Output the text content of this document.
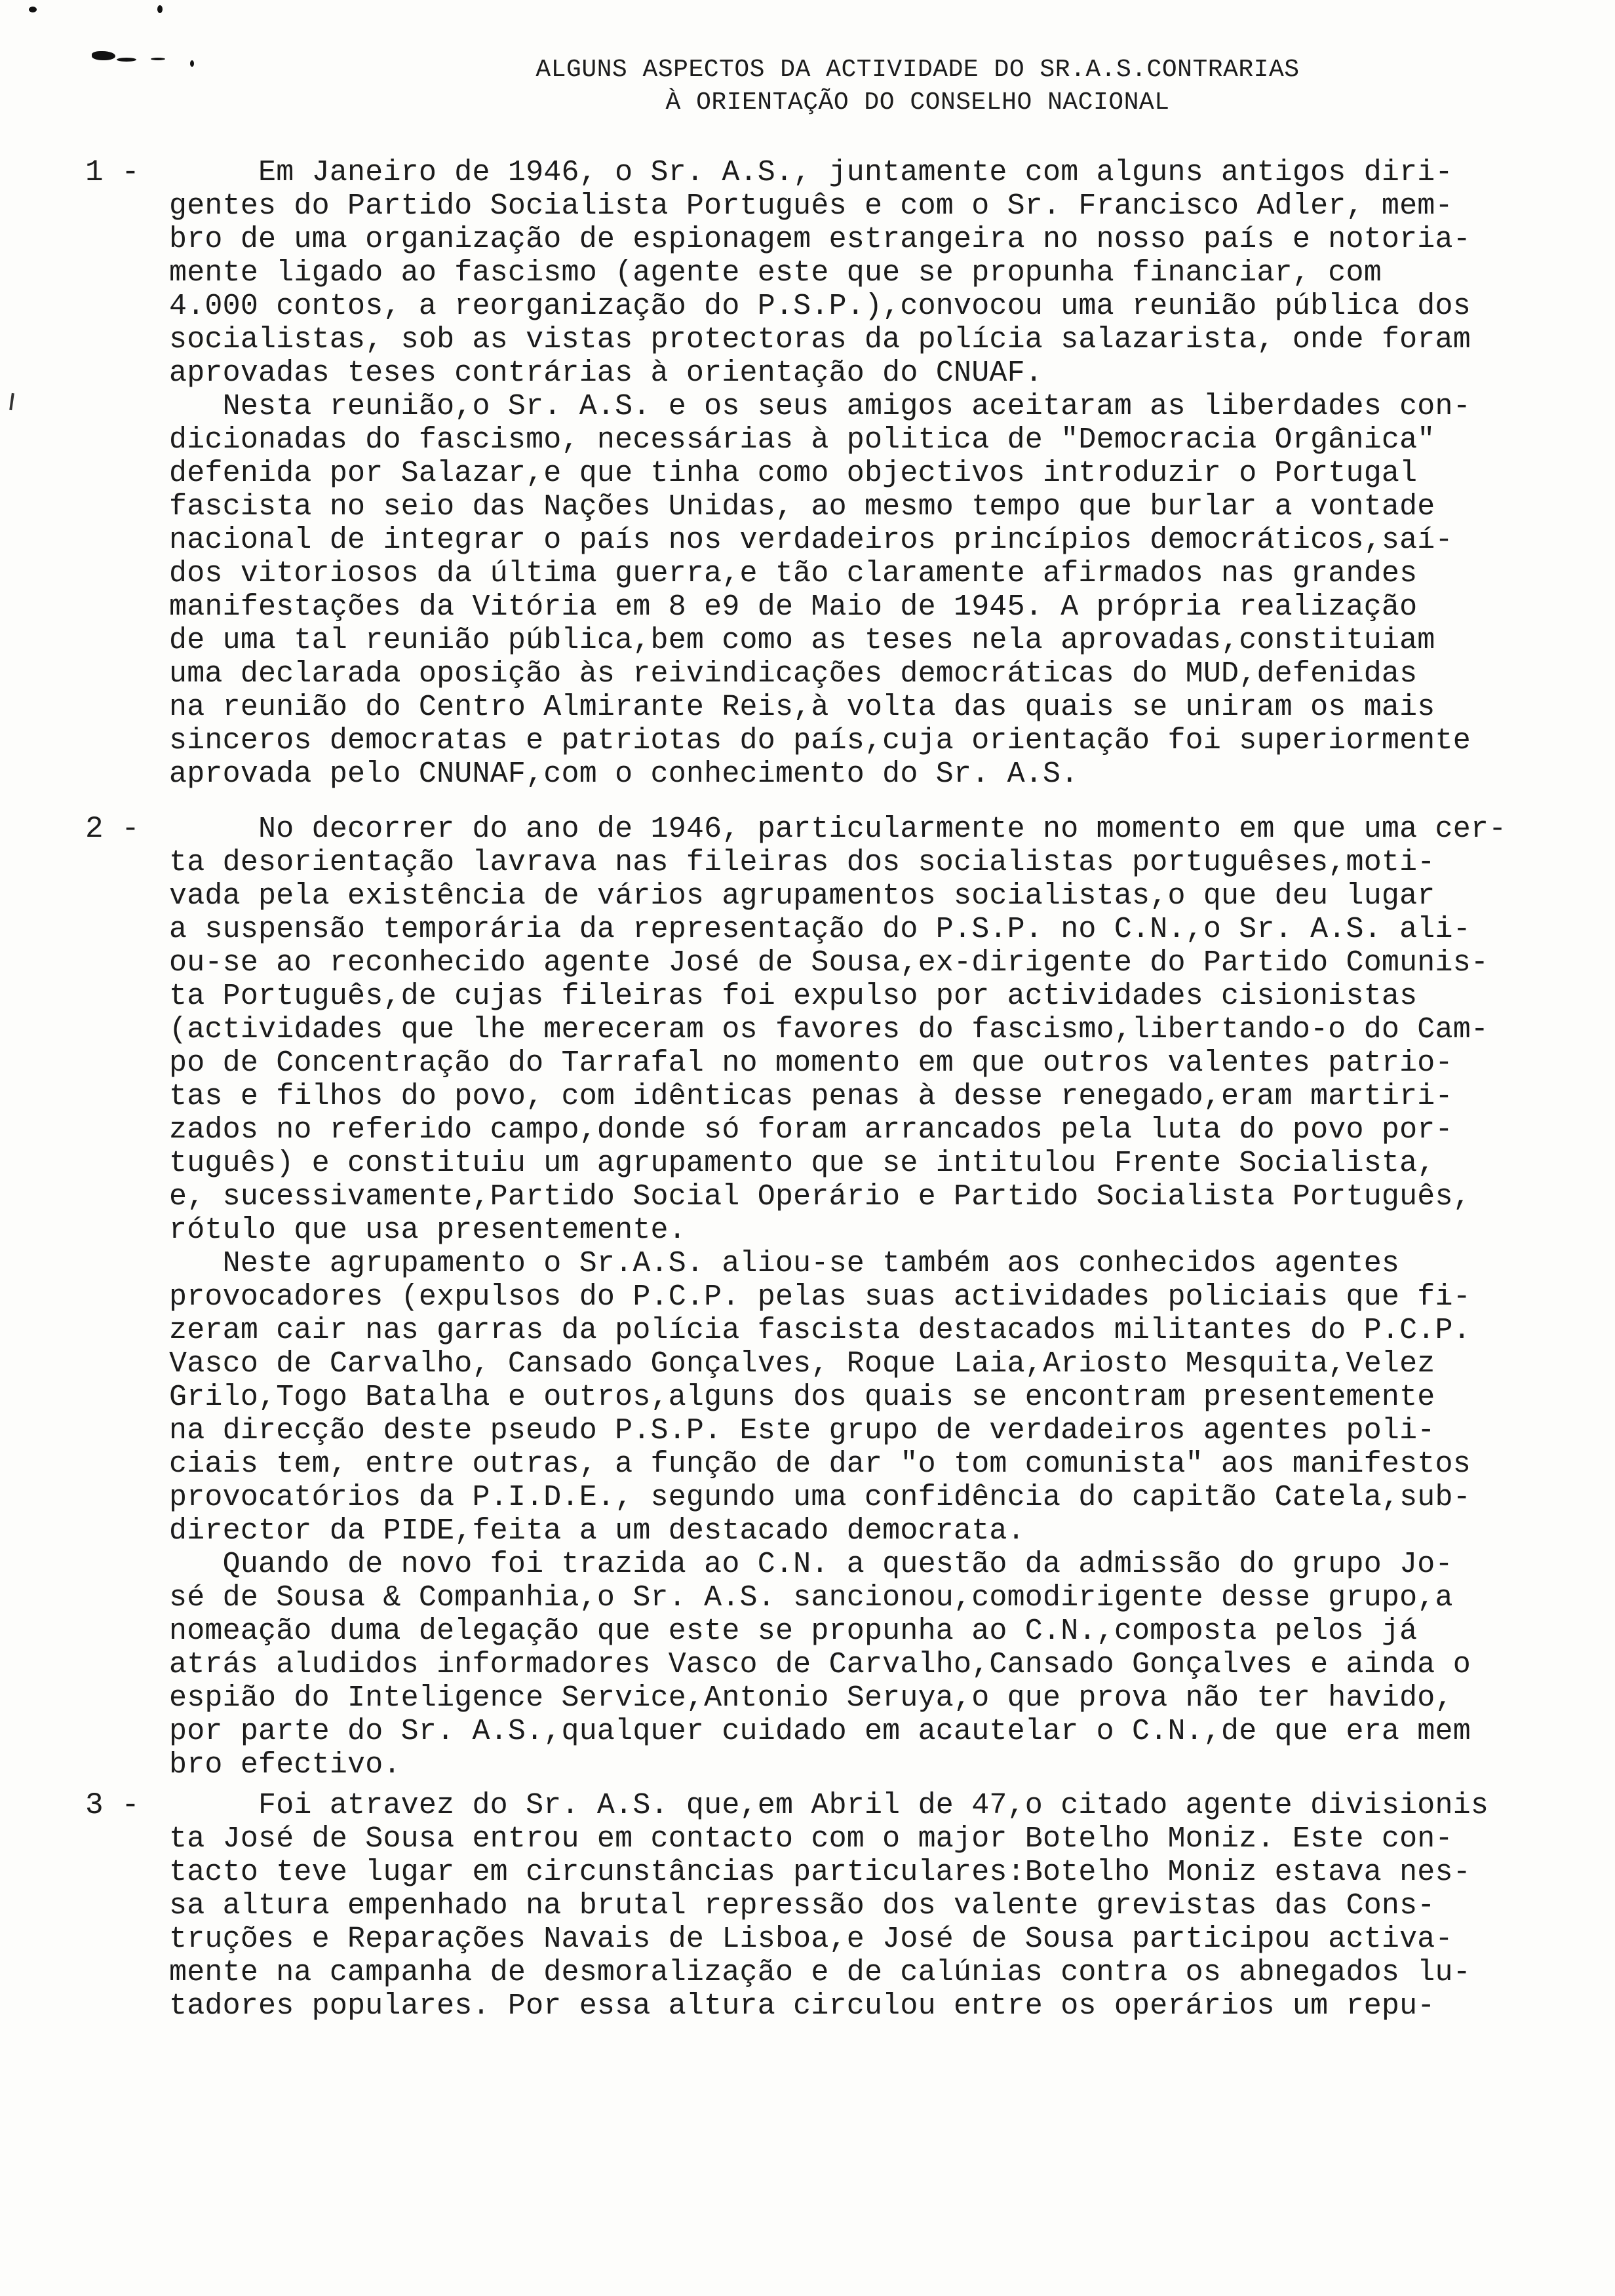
ALGUNS ASPECTOS DA ACTIVIDADE DO SR.A.S.CONTRARIAS
À ORIENTAÇÃO DO CONSELHO NACIONAL
1 - Em Janeiro de 1946, o Sr. A.S., juntamente com alguns antigos diri-
gentes do Partido Socialista Português e com o Sr. Francisco Adler, mem-
bro de uma organização de espionagem estrangeira no nosso país e notoria-
mente ligado ao fascismo (agente este que se propunha financiar, com
4.000 contos, a reorganização do P.S.P.),convocou uma reunião pública dos
socialistas, sob as vistas protectoras da polícia salazarista, onde foram
aprovadas teses contrárias à orientação do CNUAF.
Nesta reunião,o Sr. A.S. e os seus amigos aceitaram as liberdades con-
dicionadas do fascismo, necessárias à politica de "Democracia Orgânica"
defenida por Salazar,e que tinha como objectivos introduzir o Portugal
fascista no seio das Nações Unidas, ao mesmo tempo que burlar a vontade
nacional de integrar o país nos verdadeiros princípios democráticos,saí-
dos vitoriosos da última guerra,e tão claramente afirmados nas grandes
manifestações da Vitória em 8 e9 de Maio de 1945. A própria realização
de uma tal reunião pública,bem como as teses nela aprovadas,constituiam
uma declarada oposição às reivindicações democráticas do MUD,defenidas
na reunião do Centro Almirante Reis,à volta das quais se uniram os mais
sinceros democratas e patriotas do país,cuja orientação foi superiormente
aprovada pelo CNUNAF,com o conhecimento do Sr. A.S.
2 - No decorrer do ano de 1946, particularmente no momento em que uma cer-
ta desorientação lavrava nas fileiras dos socialistas portuguêses,moti-
vada pela existência de vários agrupamentos socialistas,o que deu lugar
a suspensão temporária da representação do P.S.P. no C.N.,o Sr. A.S. ali-
ou-se ao reconhecido agente José de Sousa,ex-dirigente do Partido Comunis-
ta Português,de cujas fileiras foi expulso por actividades cisionistas
(actividades que lhe mereceram os favores do fascismo,libertando-o do Cam-
po de Concentração do Tarrafal no momento em que outros valentes patrio-
tas e filhos do povo, com idênticas penas à desse renegado,eram martiri-
zados no referido campo,donde só foram arrancados pela luta do povo por-
tuguês) e constituiu um agrupamento que se intitulou Frente Socialista,
e, sucessivamente,Partido Social Operário e Partido Socialista Português,
rótulo que usa presentemente.
Neste agrupamento o Sr.A.S. aliou-se também aos conhecidos agentes
provocadores (expulsos do P.C.P. pelas suas actividades policiais que fi-
zeram cair nas garras da polícia fascista destacados militantes do P.C.P.
Vasco de Carvalho, Cansado Gonçalves, Roque Laia,Ariosto Mesquita,Velez
Grilo,Togo Batalha e outros,alguns dos quais se encontram presentemente
na direcção deste pseudo P.S.P. Este grupo de verdadeiros agentes poli-
ciais tem, entre outras, a função de dar "o tom comunista" aos manifestos
provocatórios da P.I.D.E., segundo uma confidência do capitão Catela,sub-
director da PIDE,feita a um destacado democrata.
Quando de novo foi trazida ao C.N. a questão da admissão do grupo Jo-
sé de Sousa & Companhia,o Sr. A.S. sancionou,comodirigente desse grupo,a
nomeação duma delegação que este se propunha ao C.N.,composta pelos já
atrás aludidos informadores Vasco de Carvalho,Cansado Gonçalves e ainda o
espião do Inteligence Service,Antonio Seruya,o que prova não ter havido,
por parte do Sr. A.S.,qualquer cuidado em acautelar o C.N.,de que era mem
bro efectivo.
3 - Foi atravez do Sr. A.S. que,em Abril de 47,o citado agente divisionis
ta José de Sousa entrou em contacto com o major Botelho Moniz. Este con-
tacto teve lugar em circunstâncias particulares:Botelho Moniz estava nes-
sa altura empenhado na brutal repressão dos valente grevistas das Cons-
truções e Reparações Navais de Lisboa,e José de Sousa participou activa-
mente na campanha de desmoralização e de calúnias contra os abnegados lu-
tadores populares. Por essa altura circulou entre os operários um repu-
